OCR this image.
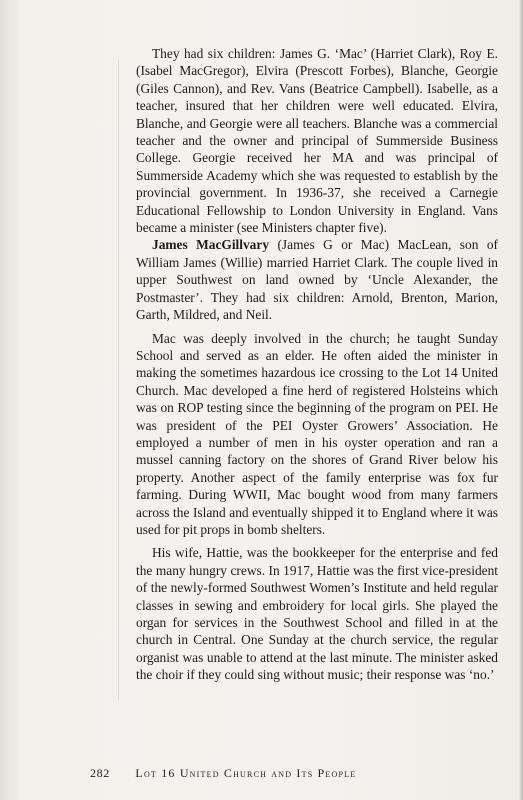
They had six children: James G. ‘Mac’ (Harriet Clark), Roy E. (Isabel MacGregor), Elvira (Prescott Forbes), Blanche, Georgie (Giles Cannon), and Rev. Vans (Beatrice Campbell). Isabelle, as a teacher, insured that her children were well educated. Elvira, Blanche, and Georgie were all teachers. Blanche was a commercial teacher and the owner and principal of Summerside Business College. Georgie received her MA and was principal of Summerside Academy which she was requested to establish by the provincial government. In 1936-37, she received a Carnegie Educational Fellowship to London University in England. Vans became a minister (see Ministers chapter five).

James MacGillvary (James G or Mac) MacLean, son of William James (Willie) married Harriet Clark. The couple lived in upper Southwest on land owned by ‘Uncle Alexander, the Postmaster’. They had six children: Arnold, Brenton, Marion, Garth, Mildred, and Neil.

Mac was deeply involved in the church; he taught Sunday School and served as an elder. He often aided the minister in making the sometimes hazardous ice crossing to the Lot 14 United Church. Mac developed a fine herd of registered Holsteins which was on ROP testing since the beginning of the program on PEI. He was president of the PEI Oyster Growers’ Association. He employed a number of men in his oyster operation and ran a mussel canning factory on the shores of Grand River below his property. Another aspect of the family enterprise was fox fur farming. During WWII, Mac bought wood from many farmers across the Island and eventually shipped it to England where it was used for pit props in bomb shelters.

His wife, Hattie, was the bookkeeper for the enterprise and fed the many hungry crews. In 1917, Hattie was the first vice-president of the newly-formed Southwest Women’s Institute and held regular classes in sewing and embroidery for local girls. She played the organ for services in the Southwest School and filled in at the church in Central. One Sunday at the church service, the regular organist was unable to attend at the last minute. The minister asked the choir if they could sing without music; their response was ‘no.’

282 Lot 16 United Church and Its People
